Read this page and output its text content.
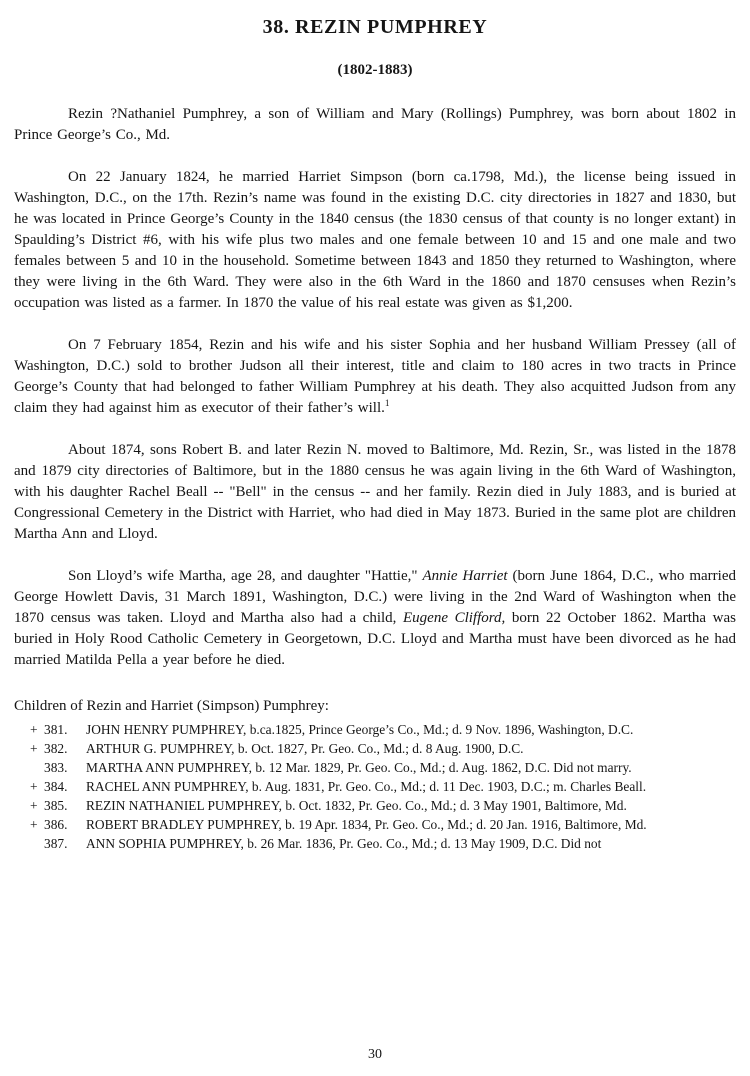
38. REZIN PUMPHREY
(1802-1883)

Rezin ?Nathaniel Pumphrey, a son of William and Mary (Rollings) Pumphrey, was born about 1802 in Prince George’s Co., Md.

On 22 January 1824, he married Harriet Simpson (born ca.1798, Md.), the license being issued in Washington, D.C., on the 17th. Rezin’s name was found in the existing D.C. city directories in 1827 and 1830, but he was located in Prince George’s County in the 1840 census (the 1830 census of that county is no longer extant) in Spaulding’s District #6, with his wife plus two males and one female between 10 and 15 and one male and two females between 5 and 10 in the household. Sometime between 1843 and 1850 they returned to Washington, where they were living in the 6th Ward. They were also in the 6th Ward in the 1860 and 1870 censuses when Rezin’s occupation was listed as a farmer. In 1870 the value of his real estate was given as $1,200.

On 7 February 1854, Rezin and his wife and his sister Sophia and her husband William Pressey (all of Washington, D.C.) sold to brother Judson all their interest, title and claim to 180 acres in two tracts in Prince George’s County that had belonged to father William Pumphrey at his death. They also acquitted Judson from any claim they had against him as executor of their father’s will.$^1$

About 1874, sons Robert B. and later Rezin N. moved to Baltimore, Md. Rezin, Sr., was listed in the 1878 and 1879 city directories of Baltimore, but in the 1880 census he was again living in the 6th Ward of Washington, with his daughter Rachel Beall -- "Bell" in the census -- and her family. Rezin died in July 1883, and is buried at Congressional Cemetery in the District with Harriet, who had died in May 1873. Buried in the same plot are children Martha Ann and Lloyd.

Son Lloyd’s wife Martha, age 28, and daughter "Hattie," Annie Harriet (born June 1864, D.C., who married George Howlett Davis, 31 March 1891, Washington, D.C.) were living in the 2nd Ward of Washington when the 1870 census was taken. Lloyd and Martha also had a child, Eugene Clifford, born 22 October 1862. Martha was buried in Holy Rood Catholic Cemetery in Georgetown, D.C. Lloyd and Martha must have been divorced as he had married Matilda Pella a year before he died.

Children of Rezin and Harriet (Simpson) Pumphrey:
+ 381. JOHN HENRY PUMPHREY, b.ca.1825, Prince George’s Co., Md.; d. 9 Nov. 1896, Washington, D.C.
+ 382. ARTHUR G. PUMPHREY, b. Oct. 1827, Pr. Geo. Co., Md.; d. 8 Aug. 1900, D.C.
383. MARTHA ANN PUMPHREY, b. 12 Mar. 1829, Pr. Geo. Co., Md.; d. Aug. 1862, D.C. Did not marry.
+ 384. RACHEL ANN PUMPHREY, b. Aug. 1831, Pr. Geo. Co., Md.; d. 11 Dec. 1903, D.C.; m. Charles Beall.
+ 385. REZIN NATHANIEL PUMPHREY, b. Oct. 1832, Pr. Geo. Co., Md.; d. 3 May 1901, Baltimore, Md.
+ 386. ROBERT BRADLEY PUMPHREY, b. 19 Apr. 1834, Pr. Geo. Co., Md.; d. 20 Jan. 1916, Baltimore, Md.
387. ANN SOPHIA PUMPHREY, b. 26 Mar. 1836, Pr. Geo. Co., Md.; d. 13 May 1909, D.C. Did not
30
